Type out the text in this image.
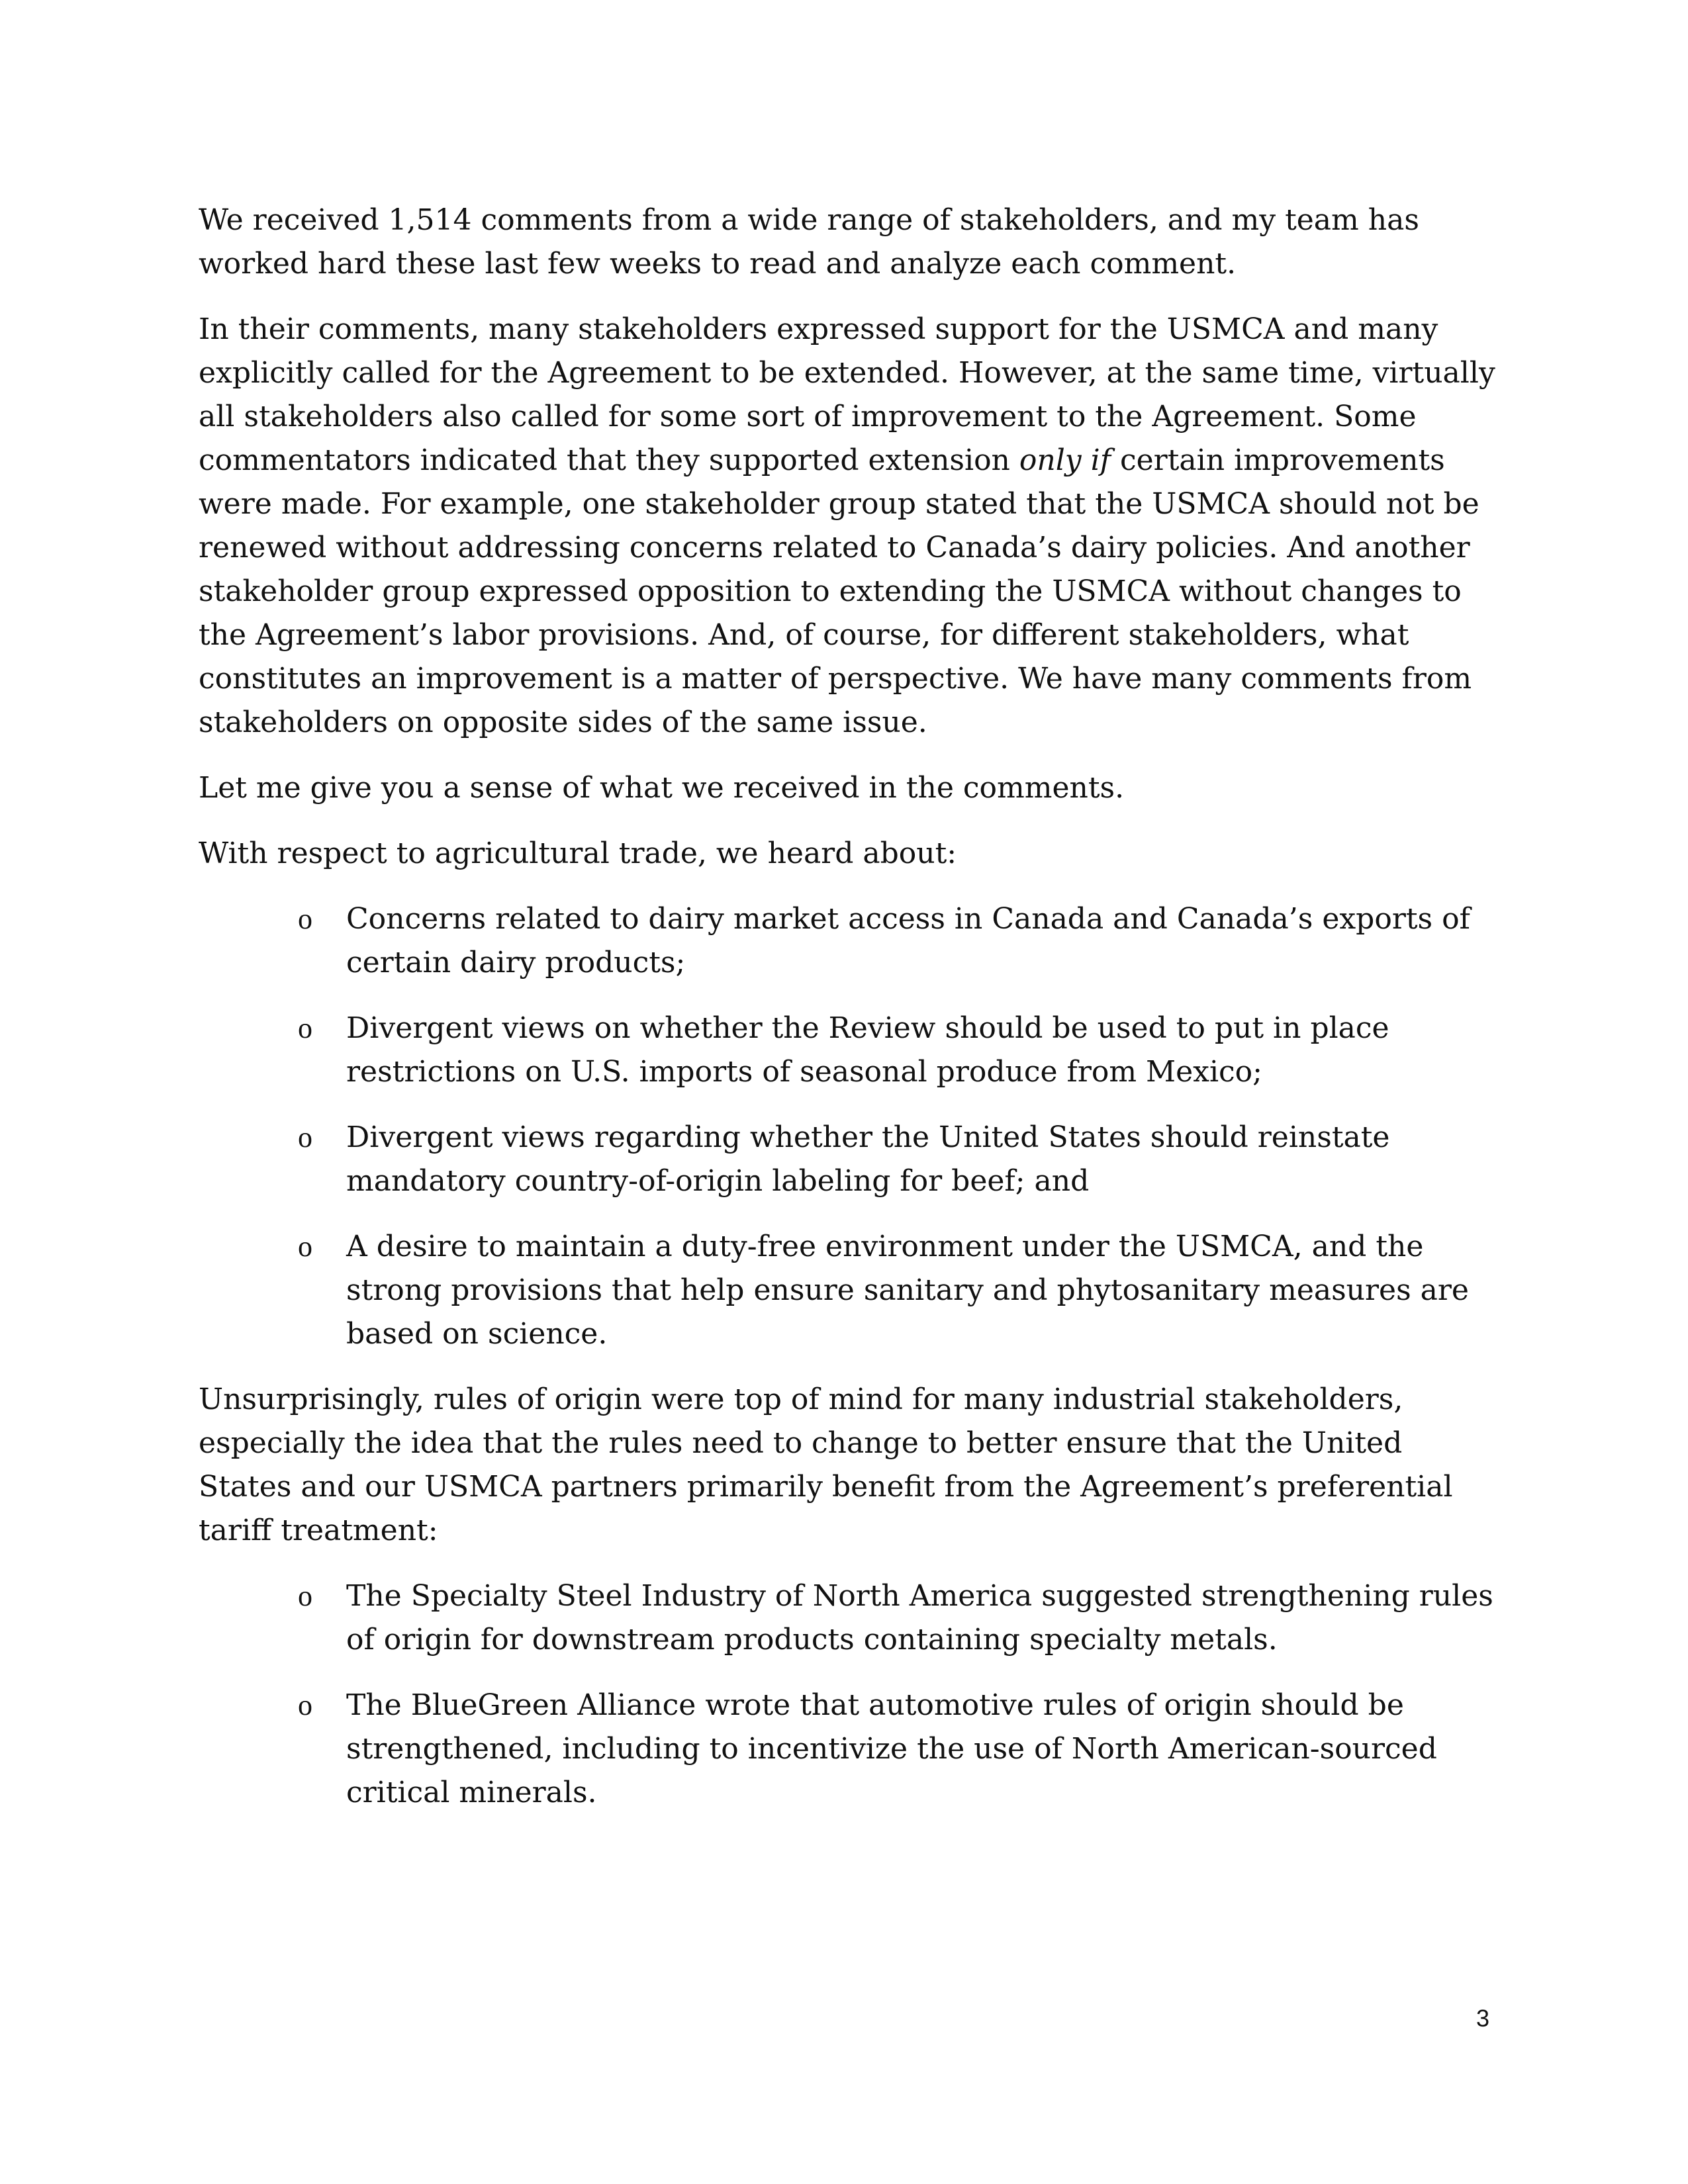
We received 1,514 comments from a wide range of stakeholders, and my team has worked hard these last few weeks to read and analyze each comment.

In their comments, many stakeholders expressed support for the USMCA and many explicitly called for the Agreement to be extended. However, at the same time, virtually all stakeholders also called for some sort of improvement to the Agreement. Some commentators indicated that they supported extension only if certain improvements were made. For example, one stakeholder group stated that the USMCA should not be renewed without addressing concerns related to Canada’s dairy policies. And another stakeholder group expressed opposition to extending the USMCA without changes to the Agreement’s labor provisions. And, of course, for different stakeholders, what constitutes an improvement is a matter of perspective. We have many comments from stakeholders on opposite sides of the same issue.

Let me give you a sense of what we received in the comments.

With respect to agricultural trade, we heard about:

o Concerns related to dairy market access in Canada and Canada’s exports of certain dairy products;
o Divergent views on whether the Review should be used to put in place restrictions on U.S. imports of seasonal produce from Mexico;
o Divergent views regarding whether the United States should reinstate mandatory country-of-origin labeling for beef; and
o A desire to maintain a duty-free environment under the USMCA, and the strong provisions that help ensure sanitary and phytosanitary measures are based on science.

Unsurprisingly, rules of origin were top of mind for many industrial stakeholders, especially the idea that the rules need to change to better ensure that the United States and our USMCA partners primarily benefit from the Agreement’s preferential tariff treatment:

o The Specialty Steel Industry of North America suggested strengthening rules of origin for downstream products containing specialty metals.
o The BlueGreen Alliance wrote that automotive rules of origin should be strengthened, including to incentivize the use of North American-sourced critical minerals.
3
